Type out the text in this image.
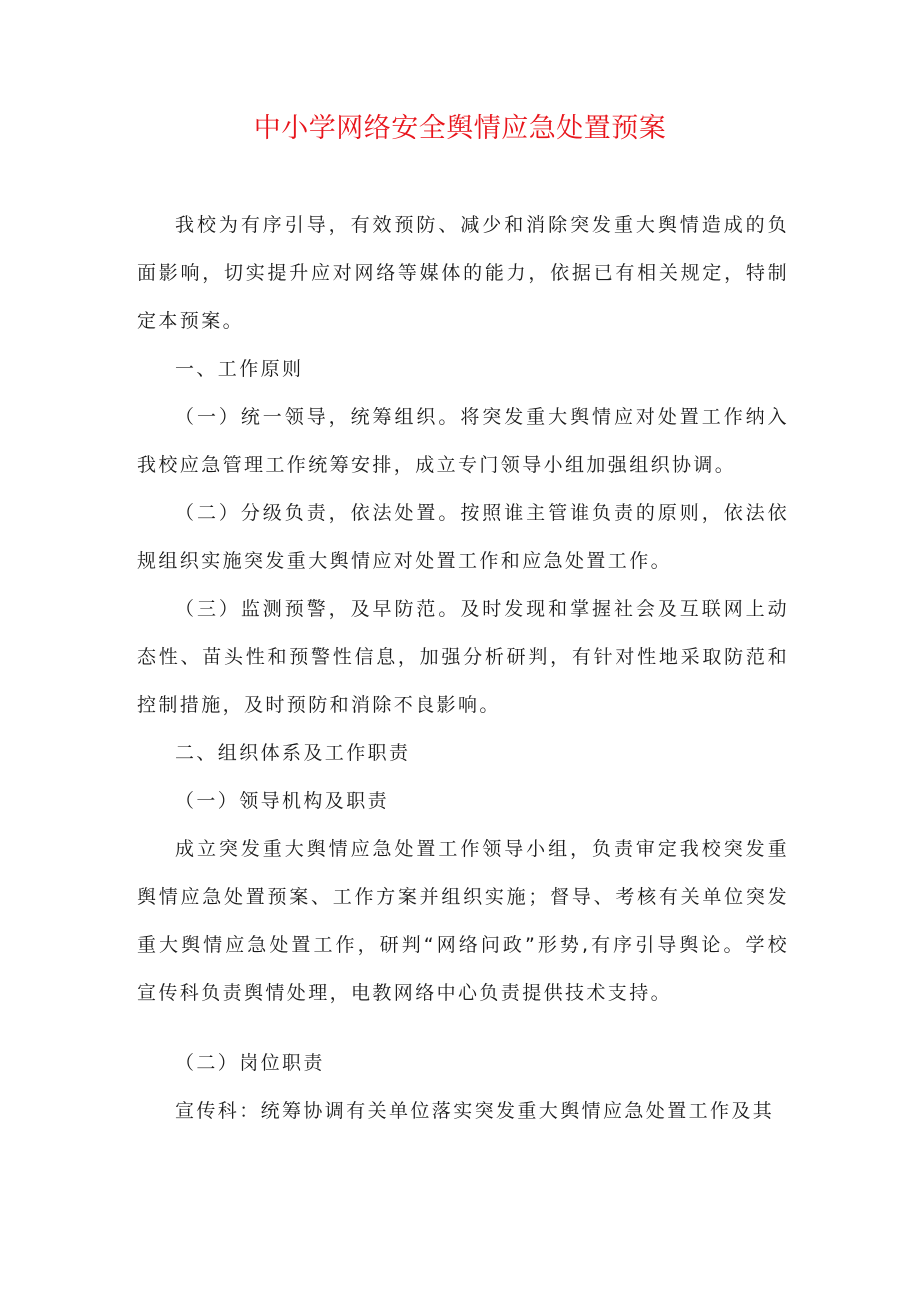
中小学网络安全舆情应急处置预案

我校为有序引导，有效预防、减少和消除突发重大舆情造成的负面影响，切实提升应对网络等媒体的能力，依据已有相关规定，特制定本预案。

一、工作原则

（一）统一领导，统筹组织。将突发重大舆情应对处置工作纳入我校应急管理工作统筹安排，成立专门领导小组加强组织协调。

（二）分级负责，依法处置。按照谁主管谁负责的原则，依法依规组织实施突发重大舆情应对处置工作和应急处置工作。

（三）监测预警，及早防范。及时发现和掌握社会及互联网上动态性、苗头性和预警性信息，加强分析研判，有针对性地采取防范和控制措施，及时预防和消除不良影响。

二、组织体系及工作职责

（一）领导机构及职责

成立突发重大舆情应急处置工作领导小组，负责审定我校突发重舆情应急处置预案、工作方案并组织实施；督导、考核有关单位突发重大舆情应急处置工作，研判“网络问政”形势,有序引导舆论。学校宣传科负责舆情处理，电教网络中心负责提供技术支持。

（二）岗位职责

宣传科：统筹协调有关单位落实突发重大舆情应急处置工作及其
